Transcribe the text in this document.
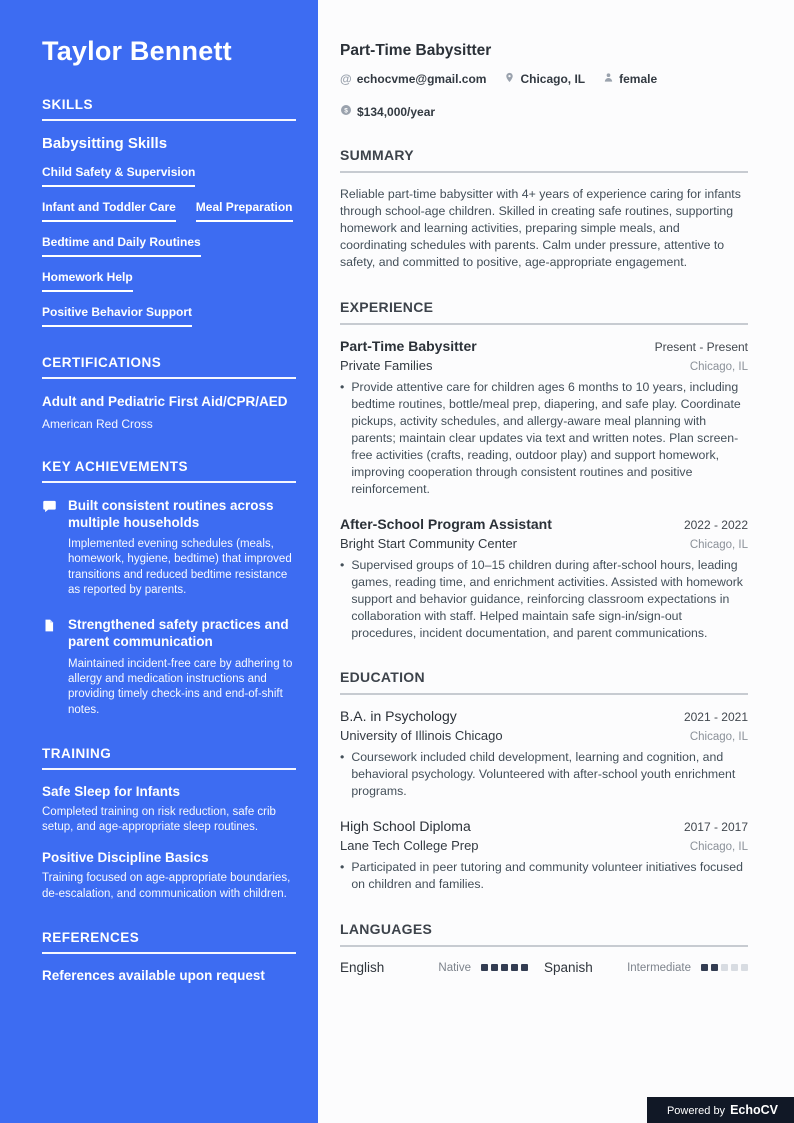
Taylor Bennett
SKILLS
Babysitting Skills
Child Safety & Supervision
Infant and Toddler Care Meal Preparation
Bedtime and Daily Routines
Homework Help
Positive Behavior Support
CERTIFICATIONS
Adult and Pediatric First Aid/CPR/AED
American Red Cross
KEY ACHIEVEMENTS
Built consistent routines across multiple households
Implemented evening schedules (meals, homework, hygiene, bedtime) that improved transitions and reduced bedtime resistance as reported by parents.
Strengthened safety practices and parent communication
Maintained incident-free care by adhering to allergy and medication instructions and providing timely check-ins and end-of-shift notes.
TRAINING
Safe Sleep for Infants
Completed training on risk reduction, safe crib setup, and age-appropriate sleep routines.
Positive Discipline Basics
Training focused on age-appropriate boundaries, de-escalation, and communication with children.
REFERENCES
References available upon request
Part-Time Babysitter
@ echocvme@gmail.com	Chicago, IL	female
$ $134,000/year
SUMMARY

Reliable part-time babysitter with 4+ years of experience caring for infants through school-age children. Skilled in creating safe routines, supporting homework and learning activities, preparing simple meals, and coordinating schedules with parents. Calm under pressure, attentive to safety, and committed to positive, age-appropriate engagement.

EXPERIENCE
Part-Time Babysitter	Present - Present
Private Families	Chicago, IL
• Provide attentive care for children ages 6 months to 10 years, including bedtime routines, bottle/meal prep, diapering, and safe play. Coordinate pickups, activity schedules, and allergy-aware meal planning with parents; maintain clear updates via text and written notes. Plan screen-free activities (crafts, reading, outdoor play) and support homework, improving cooperation through consistent routines and positive reinforcement.
After-School Program Assistant	2022 - 2022
Bright Start Community Center	Chicago, IL
• Supervised groups of 10–15 children during after-school hours, leading games, reading time, and enrichment activities. Assisted with homework support and behavior guidance, reinforcing classroom expectations in collaboration with staff. Helped maintain safe sign-in/sign-out procedures, incident documentation, and parent communications.
EDUCATION
B.A. in Psychology	2021 - 2021
University of Illinois Chicago	Chicago, IL
• Coursework included child development, learning and cognition, and behavioral psychology. Volunteered with after-school youth enrichment programs.
High School Diploma	2017 - 2017
Lane Tech College Prep	Chicago, IL
• Participated in peer tutoring and community volunteer initiatives focused on children and families.
LANGUAGES
English	Native	Spanish	Intermediate
Powered by EchoCV
